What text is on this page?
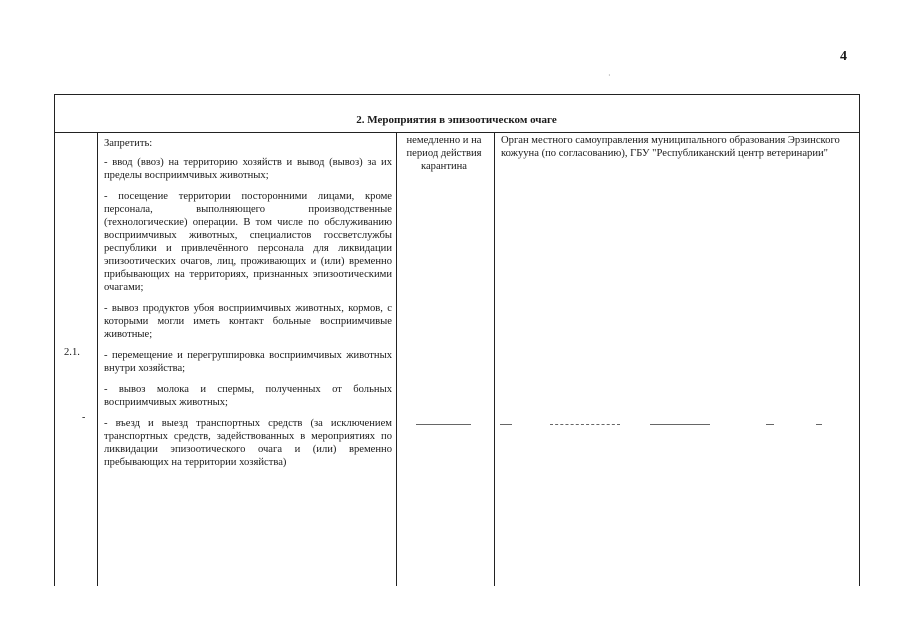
4
·
2. Мероприятия в эпизоотическом очаге
2.1.
-

Запретить:

- ввод (ввоз) на территорию хозяйств и вывод (вывоз) за их пределы восприимчивых животных;

- посещение территории посторонними лицами, кроме персонала, выполняющего производственные (технологические) операции. В том числе по обслуживанию восприимчивых животных, специалистов госсветслужбы республики и привлечённого персонала для ликвидации эпизоотических очагов, лиц, проживающих и (или) временно прибывающих на территориях, признанных эпизоотическими очагами;

- вывоз продуктов убоя восприимчивых животных, кормов, с которыми могли иметь контакт больные восприимчивые животные;

- перемещение и перегруппировка восприимчивых животных внутри хозяйства;

- вывоз молока и спермы, полученных от больных восприимчивых животных;

- въезд и выезд транспортных средств (за исключением транспортных средств, задействованных в мероприятиях по ликвидации эпизоотического очага и (или) временно пребывающих на территории хозяйства)

немедленно и на период действия карантина
Орган местного самоуправления муниципального образования Эрзинского кожууна (по согласованию), ГБУ "Республиканский центр ветеринарии"
